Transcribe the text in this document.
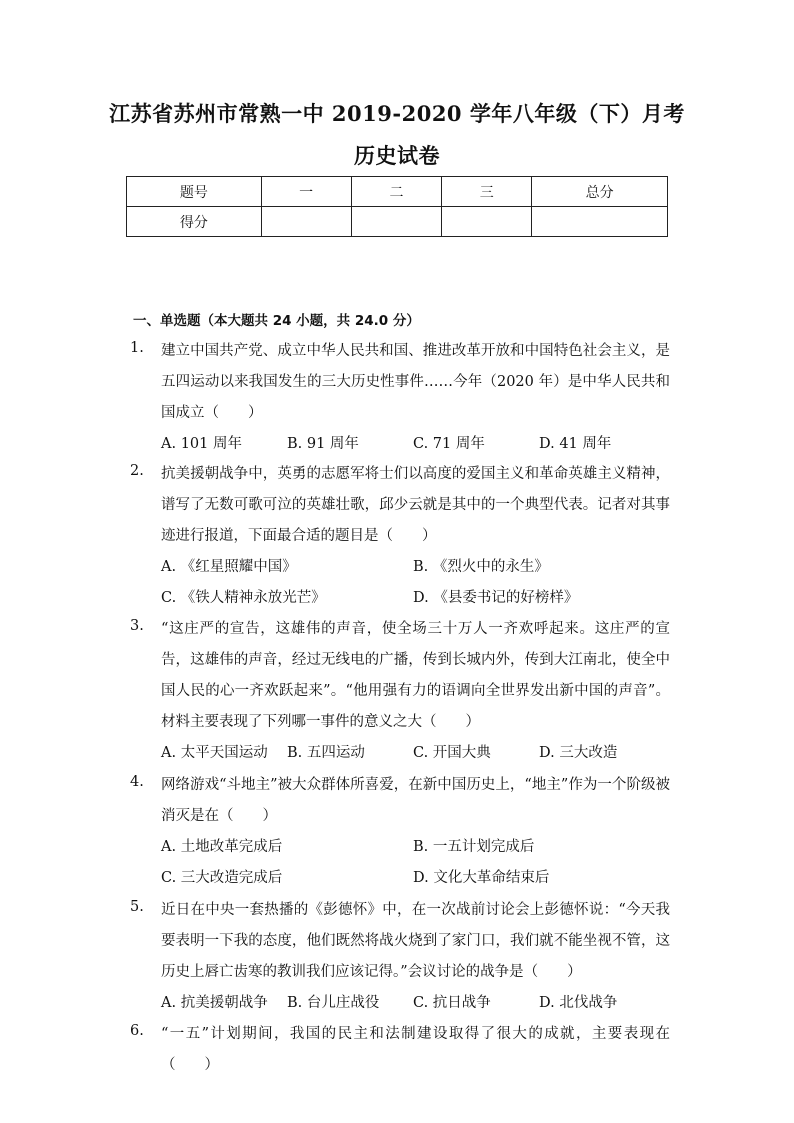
江苏省苏州市常熟一中 2019-2020 学年八年级（下）月考
历史试卷
题号	一	二	三	总分
得分				
一、单选题（本大题共 24 小题，共 24.0 分）
1.	建立中国共产党、成立中华人民共和国、推进改革开放和中国特色社会主义，是五四运动以来我国发生的三大历史性事件……今年（2020 年）是中华人民共和国成立（　　）
A. 101 周年	B. 91 周年	C. 71 周年	D. 41 周年
2.	抗美援朝战争中，英勇的志愿军将士们以高度的爱国主义和革命英雄主义精神，谱写了无数可歌可泣的英雄壮歌，邱少云就是其中的一个典型代表。记者对其事迹进行报道，下面最合适的题目是（　　）
A. 《红星照耀中国》	B. 《烈火中的永生》
C. 《铁人精神永放光芒》	D. 《县委书记的好榜样》
3.	“这庄严的宣告，这雄伟的声音，使全场三十万人一齐欢呼起来。这庄严的宣告，这雄伟的声音，经过无线电的广播，传到长城内外，传到大江南北，使全中国人民的心一齐欢跃起来”。“他用强有力的语调向全世界发出新中国的声音”。材料主要表现了下列哪一事件的意义之大（　　）
A. 太平天国运动	B. 五四运动	C. 开国大典	D. 三大改造
4.	网络游戏“斗地主”被大众群体所喜爱，在新中国历史上，“地主”作为一个阶级被消灭是在（　　）
A. 土地改革完成后	B. 一五计划完成后
C. 三大改造完成后	D. 文化大革命结束后
5.	近日在中央一套热播的《彭德怀》中，在一次战前讨论会上彭德怀说：“今天我要表明一下我的态度，他们既然将战火烧到了家门口，我们就不能坐视不管，这历史上唇亡齿寒的教训我们应该记得。”会议讨论的战争是（　　）
A. 抗美援朝战争	B. 台儿庄战役	C. 抗日战争	D. 北伐战争
6.	“一五”计划期间，我国的民主和法制建设取得了很大的成就，主要表现在（　　）
